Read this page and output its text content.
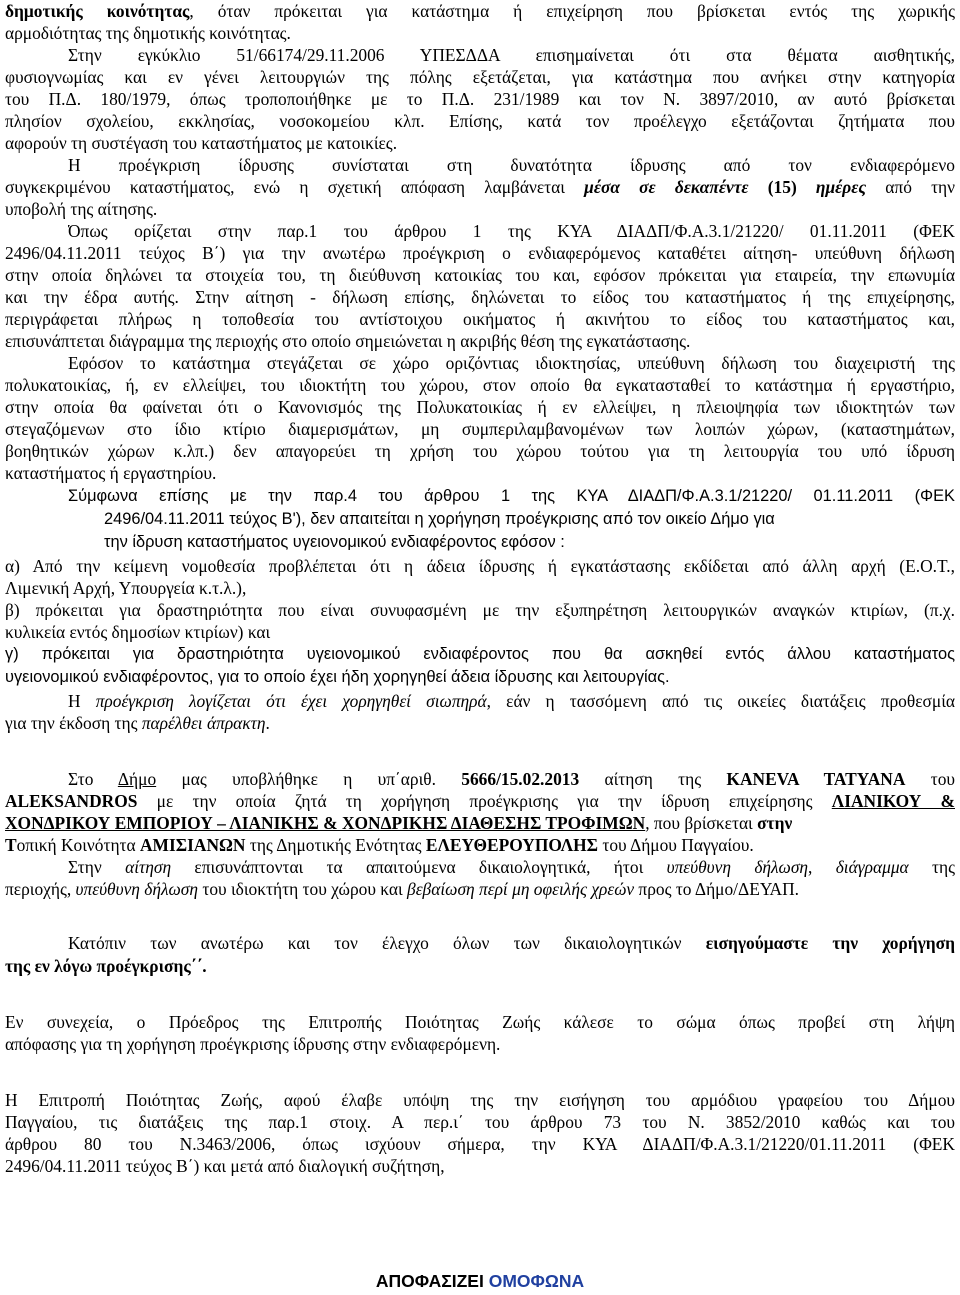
δημοτικής κοινότητας, όταν πρόκειται για κατάστημα ή επιχείρηση που βρίσκεται εντός της χωρικής
αρμοδιότητας της δημοτικής κοινότητας.
Στην εγκύκλιο 51/66174/29.11.2006 ΥΠΕΣΔΔΑ επισημαίνεται ότι στα θέματα αισθητικής,
φυσιογνωμίας και εν γένει λειτουργιών της πόλης εξετάζεται, για κατάστημα που ανήκει στην κατηγορία
του Π.Δ. 180/1979, όπως τροποποιήθηκε με το Π.Δ. 231/1989 και τον Ν. 3897/2010, αν αυτό βρίσκεται
πλησίον σχολείου, εκκλησίας, νοσοκομείου κλπ. Επίσης, κατά τον προέλεγχο εξετάζονται ζητήματα που
αφορούν τη συστέγαση του καταστήματος με κατοικίες.
Η προέγκριση ίδρυσης συνίσταται στη δυνατότητα ίδρυσης από τον ενδιαφερόμενο
συγκεκριμένου καταστήματος, ενώ η σχετική απόφαση λαμβάνεται μέσα σε δεκαπέντε (15) ημέρες από την
υποβολή της αίτησης.
Όπως ορίζεται στην παρ.1 του άρθρου 1 της ΚΥΑ ΔΙΑΔΠ/Φ.Α.3.1/21220/ 01.11.2011 (ΦΕΚ
2496/04.11.2011 τεύχος Β΄) για την ανωτέρω προέγκριση ο ενδιαφερόμενος καταθέτει αίτηση- υπεύθυνη δήλωση
στην οποία δηλώνει τα στοιχεία του, τη διεύθυνση κατοικίας του και, εφόσον πρόκειται για εταιρεία, την επωνυμία
και την έδρα αυτής. Στην αίτηση - δήλωση επίσης, δηλώνεται το είδος του καταστήματος ή της επιχείρησης,
περιγράφεται πλήρως η τοποθεσία του αντίστοιχου οικήματος ή ακινήτου το είδος του καταστήματος και,
επισυνάπτεται διάγραμμα της περιοχής στο οποίο σημειώνεται η ακριβής θέση της εγκατάστασης.
Εφόσον το κατάστημα στεγάζεται σε χώρο οριζόντιας ιδιοκτησίας, υπεύθυνη δήλωση του διαχειριστή της
πολυκατοικίας, ή, εν ελλείψει, του ιδιοκτήτη του χώρου, στον οποίο θα εγκατασταθεί το κατάστημα ή εργαστήριο,
στην οποία θα φαίνεται ότι ο Κανονισμός της Πολυκατοικίας ή εν ελλείψει, η πλειοψηφία των ιδιοκτητών των
στεγαζόμενων στο ίδιο κτίριο διαμερισμάτων, μη συμπεριλαμβανομένων των λοιπών χώρων, (καταστημάτων,
βοηθητικών χώρων κ.λπ.) δεν απαγορεύει τη χρήση του χώρου τούτου για τη λειτουργία του υπό ίδρυση
καταστήματος ή εργαστηρίου.
Σύμφωνα επίσης με την παρ.4 του άρθρου 1 της ΚΥΑ ΔΙΑΔΠ/Φ.Α.3.1/21220/ 01.11.2011 (ΦΕΚ
2496/04.11.2011 τεύχος Β'), δεν απαιτείται η χορήγηση προέγκρισης από τον οικείο Δήμο για
την ίδρυση καταστήματος υγειονομικού ενδιαφέροντος εφόσον :
α) Από την κείμενη νομοθεσία προβλέπεται ότι η άδεια ίδρυσης ή εγκατάστασης εκδίδεται από άλλη αρχή (Ε.Ο.Τ.,
Λιμενική Αρχή, Υπουργεία κ.τ.λ.),
β) πρόκειται για δραστηριότητα που είναι συνυφασμένη με την εξυπηρέτηση λειτουργικών αναγκών κτιρίων, (π.χ.
κυλικεία εντός δημοσίων κτιρίων) και
γ) πρόκειται για δραστηριότητα υγειονομικού ενδιαφέροντος που θα ασκηθεί εντός άλλου καταστήματος
υγειονομικού ενδιαφέροντος, για το οποίο έχει ήδη χορηγηθεί άδεια ίδρυσης και λειτουργίας.
Η προέγκριση λογίζεται ότι έχει χορηγηθεί σιωπηρά, εάν η τασσόμενη από τις οικείες διατάξεις προθεσμία
για την έκδοση της παρέλθει άπρακτη.
Στο Δήμο μας υποβλήθηκε η υπ΄αριθ. 5666/15.02.2013 αίτηση της KANEVA TATYANA του
ALEKSANDROS με την οποία ζητά τη χορήγηση προέγκρισης για την ίδρυση επιχείρησης ΛΙΑΝΙΚΟΥ &
ΧΟΝΔΡΙΚΟΥ ΕΜΠΟΡΙΟΥ – ΛΙΑΝΙΚΗΣ & ΧΟΝΔΡΙΚΗΣ ΔΙΑΘΕΣΗΣ ΤΡΟΦΙΜΩΝ, που βρίσκεται στην
Τοπική Κοινότητα ΑΜΙΣΙΑΝΩΝ της Δημοτικής Ενότητας ΕΛΕΥΘΕΡΟΥΠΟΛΗΣ του Δήμου Παγγαίου.
Στην αίτηση επισυνάπτονται τα απαιτούμενα δικαιολογητικά, ήτοι υπεύθυνη δήλωση, διάγραμμα της
περιοχής, υπεύθυνη δήλωση του ιδιοκτήτη του χώρου και βεβαίωση περί μη οφειλής χρεών προς το Δήμο/ΔΕΥΑΠ.
Κατόπιν των ανωτέρω και τον έλεγχο όλων των δικαιολογητικών εισηγούμαστε την χορήγηση
της εν λόγω προέγκρισης΄΄.
Εν συνεχεία, ο Πρόεδρος της Επιτροπής Ποιότητας Ζωής κάλεσε το σώμα όπως προβεί στη λήψη
απόφασης για τη χορήγηση προέγκρισης ίδρυσης στην ενδιαφερόμενη.
Η Επιτροπή Ποιότητας Ζωής, αφού έλαβε υπόψη της την εισήγηση του αρμόδιου γραφείου του Δήμου
Παγγαίου, τις διατάξεις της παρ.1 στοιχ. Α περ.ι΄ του άρθρου 73 του Ν. 3852/2010 καθώς και του
άρθρου 80 του Ν.3463/2006, όπως ισχύουν σήμερα, την ΚΥΑ ΔΙΑΔΠ/Φ.Α.3.1/21220/01.11.2011 (ΦΕΚ
2496/04.11.2011 τεύχος Β΄) και μετά από διαλογική συζήτηση,
ΑΠΟΦΑΣΙΖΕΙ ΟΜΟΦΩΝΑ
